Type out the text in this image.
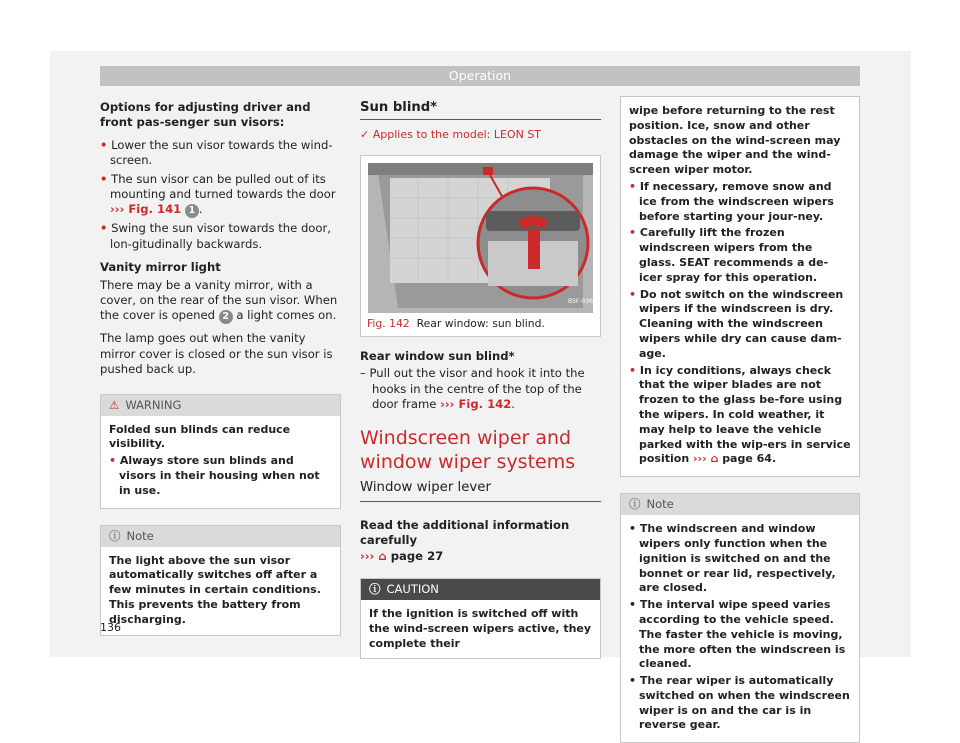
Operation

Options for adjusting driver and front pas-senger sun visors:

• Lower the sun visor towards the wind-screen.
• The sun visor can be pulled out of its mounting and turned towards the door ››› Fig. 141 1 .
• Swing the sun visor towards the door, lon-gitudinally backwards.

Vanity mirror light

There may be a vanity mirror, with a cover, on the rear of the sun visor. When the cover is opened 2 a light comes on.

The lamp goes out when the vanity mirror cover is closed or the sun visor is pushed back up.

⚠ WARNING
Folded sun blinds can reduce visibility.
• Always store sun blinds and visors in their housing when not in use.
ⓘ Note
The light above the sun visor automatically switches off after a few minutes in certain conditions. This prevents the battery from discharging.
Sun blind*
✓ Applies to the model: LEON ST
B5F-0367
Fig. 142 Rear window: sun blind.

Rear window sun blind*

– Pull out the visor and hook it into the hooks in the centre of the top of the door frame ››› Fig. 142.
Windscreen wiper and window wiper systems
Window wiper lever

Read the additional information carefully

››› ⌂ page 27

ⓘ CAUTION
If the ignition is switched off with the wind-screen wipers active, they complete their
wipe before returning to the rest position. Ice, snow and other obstacles on the wind-screen may damage the wiper and the wind-screen wiper motor.
• If necessary, remove snow and ice from the windscreen wipers before starting your jour-ney.
• Carefully lift the frozen windscreen wipers from the glass. SEAT recommends a de-icer spray for this operation.
• Do not switch on the windscreen wipers if the windscreen is dry. Cleaning with the windscreen wipers while dry can cause dam-age.
• In icy conditions, always check that the wiper blades are not frozen to the glass be-fore using the wipers. In cold weather, it may help to leave the vehicle parked with the wip-ers in service position ››› ⌂ page 64.
ⓘ Note
• The windscreen and window wipers only function when the ignition is switched on and the bonnet or rear lid, respectively, are closed.
• The interval wipe speed varies according to the vehicle speed. The faster the vehicle is moving, the more often the windscreen is cleaned.
• The rear wiper is automatically switched on when the windscreen wiper is on and the car is in reverse gear.
136
